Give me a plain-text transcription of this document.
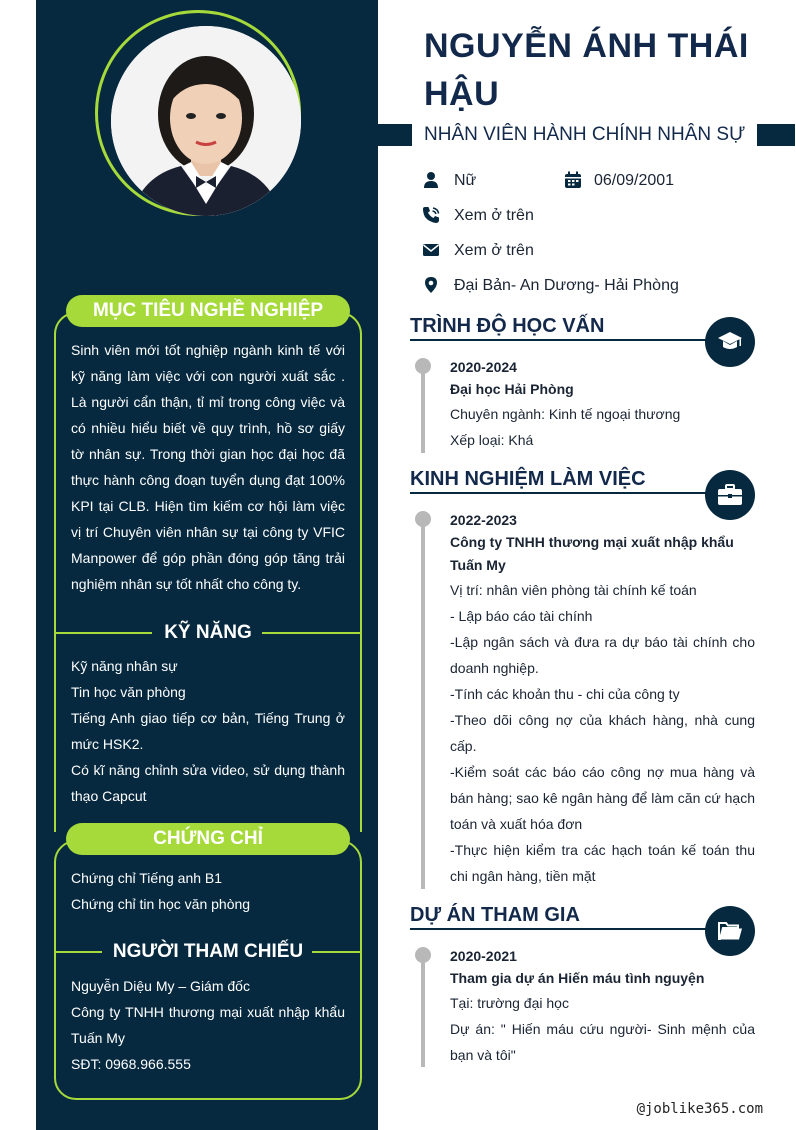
MỤC TIÊU NGHỀ NGHIỆP
Sinh viên mới tốt nghiệp ngành kinh tế với kỹ năng làm việc với con người xuất sắc . Là người cẩn thận, tỉ mỉ trong công việc và có nhiều hiểu biết về quy trình, hồ sơ giấy tờ nhân sự. Trong thời gian học đại học đã thực hành công đoạn tuyển dụng đạt 100% KPI tại CLB. Hiện tìm kiếm cơ hội làm việc vị trí Chuyên viên nhân sự tại công ty VFIC Manpower để góp phần đóng góp tăng trải nghiệm nhân sự tốt nhất cho công ty.
KỸ NĂNG
Kỹ năng nhân sự
Tin học văn phòng
Tiếng Anh giao tiếp cơ bản, Tiếng Trung ở mức HSK2.
Có kĩ năng chỉnh sửa video, sử dụng thành thạo Capcut
CHỨNG CHỈ
Chứng chỉ Tiếng anh B1
Chứng chỉ tin học văn phòng
NGƯỜI THAM CHIẾU
Nguyễn Diệu My – Giám đốc
Công ty TNHH thương mại xuất nhập khẩu Tuấn My
SĐT: 0968.966.555
NGUYỄN ÁNH THÁI HẬU
NHÂN VIÊN HÀNH CHÍNH NHÂN SỰ
Nữ	06/09/2001
Xem ở trên
Xem ở trên
Đại Bản- An Dương- Hải Phòng
TRÌNH ĐỘ HỌC VẤN
2020-2024
Đại học Hải Phòng
Chuyên ngành: Kinh tế ngoại thương
Xếp loại: Khá
KINH NGHIỆM LÀM VIỆC
2022-2023
Công ty TNHH thương mại xuất nhập khẩu Tuấn My
Vị trí: nhân viên phòng tài chính kế toán
- Lập báo cáo tài chính
-Lập ngân sách và đưa ra dự báo tài chính cho doanh nghiệp.
-Tính các khoản thu - chi của công ty
-Theo dõi công nợ của khách hàng, nhà cung cấp.
-Kiểm soát các báo cáo công nợ mua hàng và bán hàng; sao kê ngân hàng để làm căn cứ hạch toán và xuất hóa đơn
-Thực hiện kiểm tra các hạch toán kế toán thu chi ngân hàng, tiền mặt
DỰ ÁN THAM GIA
2020-2021
Tham gia dự án Hiến máu tình nguyện
Tại: trường đại học
Dự án: " Hiến máu cứu người- Sinh mệnh của bạn và tôi"
@joblike365.com
